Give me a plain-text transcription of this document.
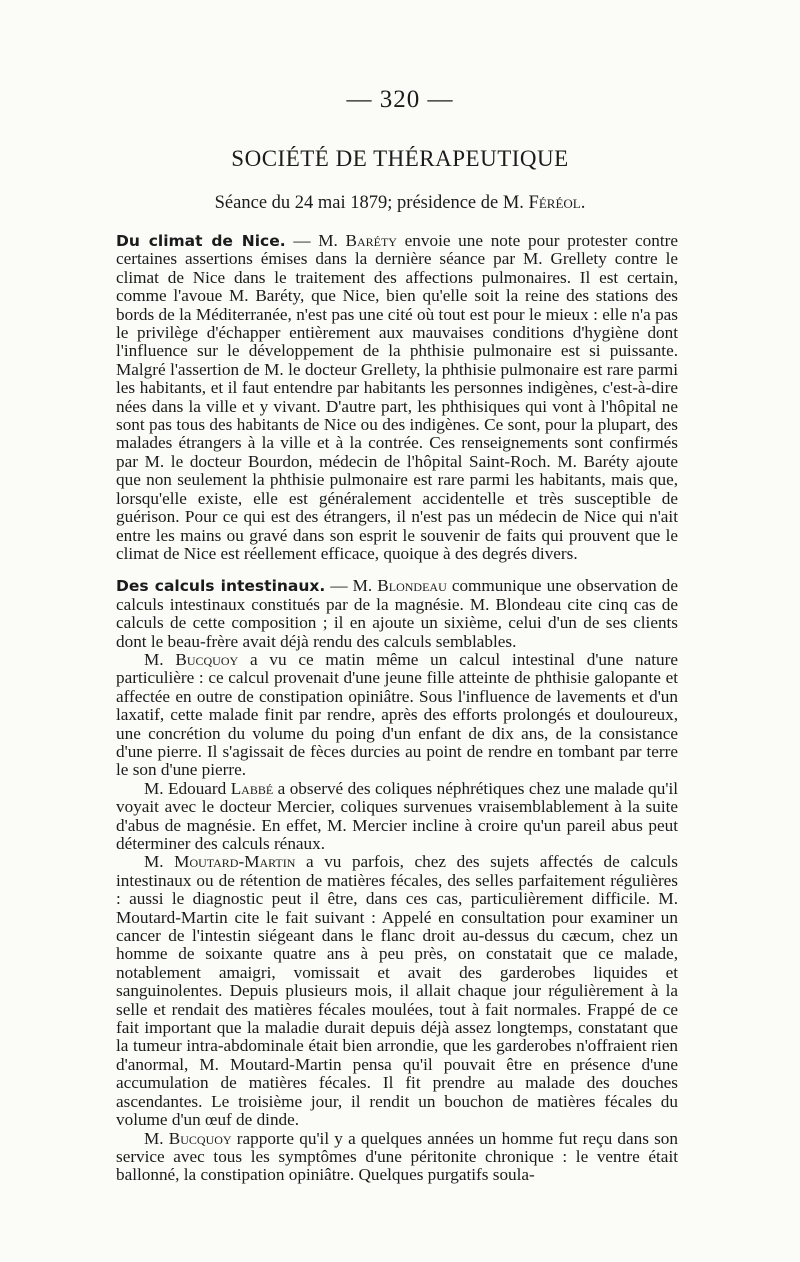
— 320 —
SOCIÉTÉ DE THÉRAPEUTIQUE
Séance du 24 mai 1879; présidence de M. Féréol.

Du climat de Nice. — M. Baréty envoie une note pour protester contre certaines assertions émises dans la dernière séance par M. Grellety contre le climat de Nice dans le traitement des affections pulmonaires. Il est certain, comme l'avoue M. Baréty, que Nice, bien qu'elle soit la reine des stations des bords de la Méditerranée, n'est pas une cité où tout est pour le mieux : elle n'a pas le privilège d'échapper entièrement aux mauvaises conditions d'hygiène dont l'influence sur le développement de la phthisie pulmonaire est si puissante. Malgré l'assertion de M. le docteur Grellety, la phthisie pulmonaire est rare parmi les habitants, et il faut entendre par habitants les personnes indigènes, c'est-à-dire nées dans la ville et y vivant. D'autre part, les phthisiques qui vont à l'hôpital ne sont pas tous des habitants de Nice ou des indigènes. Ce sont, pour la plupart, des malades étrangers à la ville et à la contrée. Ces renseignements sont confirmés par M. le docteur Bourdon, médecin de l'hôpital Saint-Roch. M. Baréty ajoute que non seulement la phthisie pulmonaire est rare parmi les habitants, mais que, lorsqu'elle existe, elle est généralement accidentelle et très susceptible de guérison. Pour ce qui est des étrangers, il n'est pas un médecin de Nice qui n'ait entre les mains ou gravé dans son esprit le souvenir de faits qui prouvent que le climat de Nice est réellement efficace, quoique à des degrés divers.

Des calculs intestinaux. — M. Blondeau communique une observation de calculs intestinaux constitués par de la magnésie. M. Blondeau cite cinq cas de calculs de cette composition ; il en ajoute un sixième, celui d'un de ses clients dont le beau-frère avait déjà rendu des calculs semblables.

M. Bucquoy a vu ce matin même un calcul intestinal d'une nature particulière : ce calcul provenait d'une jeune fille atteinte de phthisie galopante et affectée en outre de constipation opiniâtre. Sous l'influence de lavements et d'un laxatif, cette malade finit par rendre, après des efforts prolongés et douloureux, une concrétion du volume du poing d'un enfant de dix ans, de la consistance d'une pierre. Il s'agissait de fèces durcies au point de rendre en tombant par terre le son d'une pierre.

M. Edouard Labbé a observé des coliques néphrétiques chez une malade qu'il voyait avec le docteur Mercier, coliques survenues vraisemblablement à la suite d'abus de magnésie. En effet, M. Mercier incline à croire qu'un pareil abus peut déterminer des calculs rénaux.

M. Moutard-Martin a vu parfois, chez des sujets affectés de calculs intestinaux ou de rétention de matières fécales, des selles parfaitement régulières : aussi le diagnostic peut il être, dans ces cas, particulièrement difficile. M. Moutard-Martin cite le fait suivant : Appelé en consultation pour examiner un cancer de l'intestin siégeant dans le flanc droit au-dessus du cæcum, chez un homme de soixante quatre ans à peu près, on constatait que ce malade, notablement amaigri, vomissait et avait des garderobes liquides et sanguinolentes. Depuis plusieurs mois, il allait chaque jour régulièrement à la selle et rendait des matières fécales moulées, tout à fait normales. Frappé de ce fait important que la maladie durait depuis déjà assez longtemps, constatant que la tumeur intra-abdominale était bien arrondie, que les garderobes n'offraient rien d'anormal, M. Moutard-Martin pensa qu'il pouvait être en présence d'une accumulation de matières fécales. Il fit prendre au malade des douches ascendantes. Le troisième jour, il rendit un bouchon de matières fécales du volume d'un œuf de dinde.

M. Bucquoy rapporte qu'il y a quelques années un homme fut reçu dans son service avec tous les symptômes d'une péritonite chronique : le ventre était ballonné, la constipation opiniâtre. Quelques purgatifs soula-
